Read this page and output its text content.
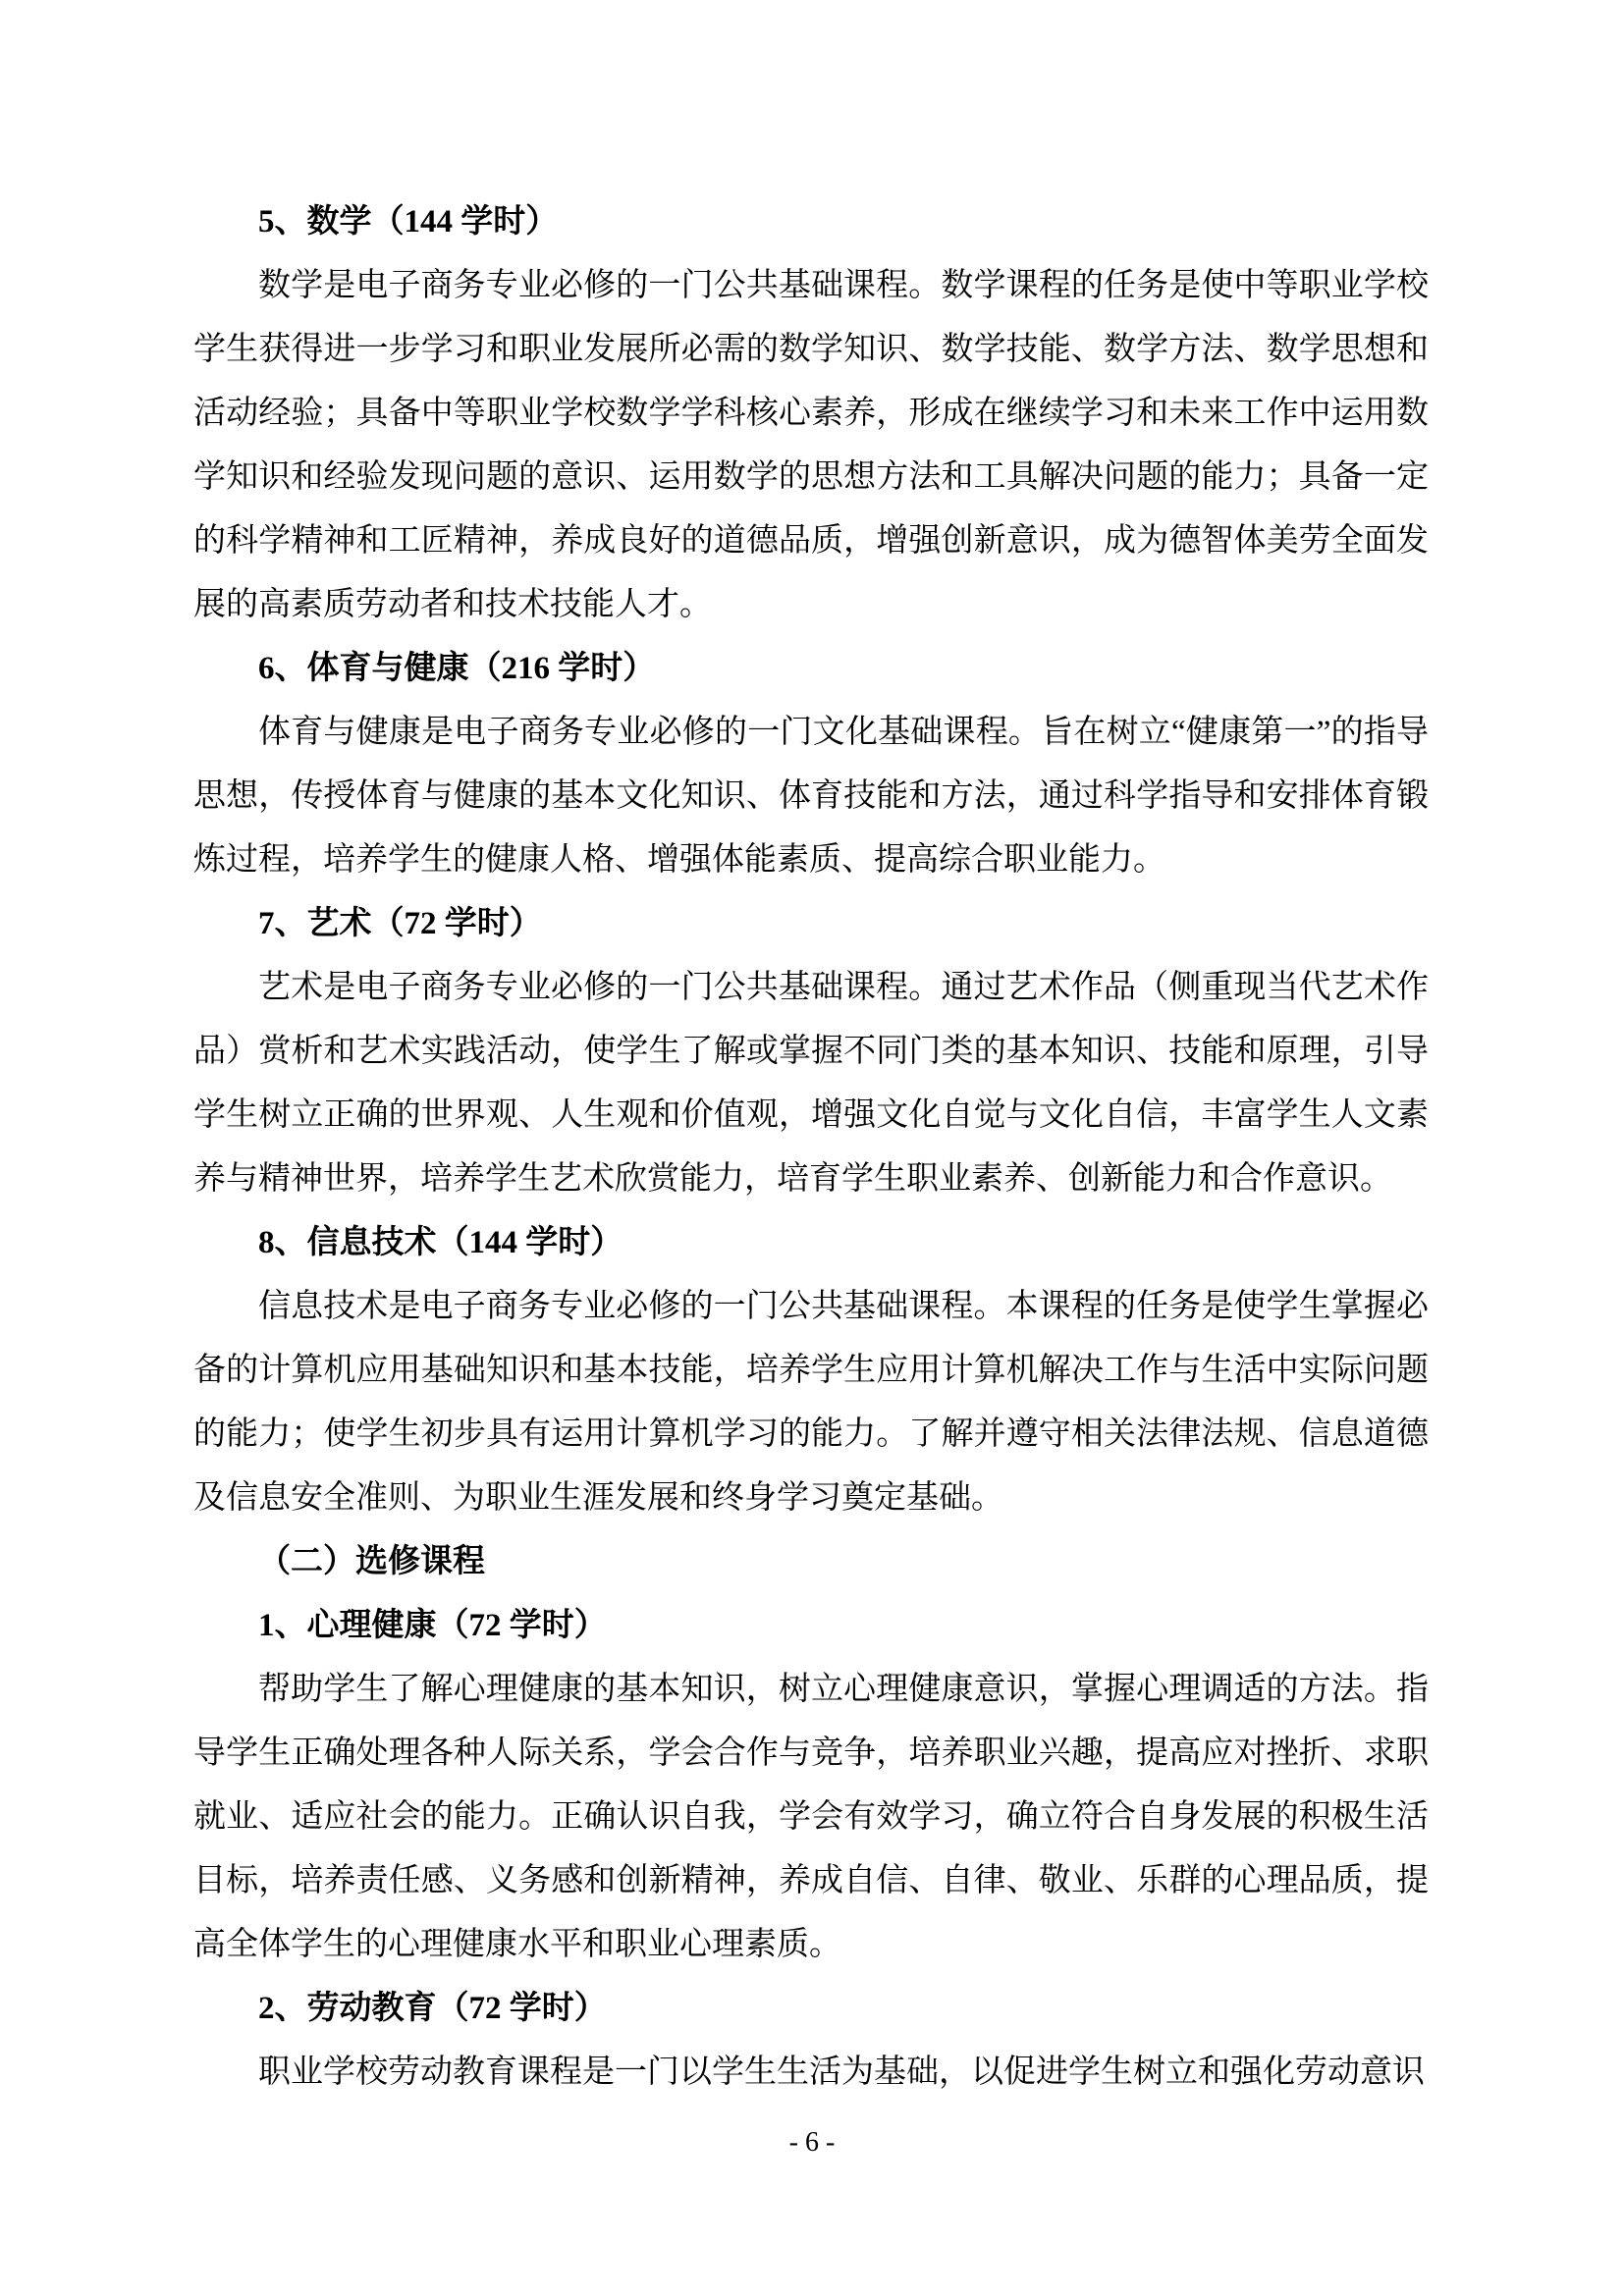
5、数学（144 学时）

数学是电子商务专业必修的一门公共基础课程。数学课程的任务是使中等职业学校学生获得进一步学习和职业发展所必需的数学知识、数学技能、数学方法、数学思想和活动经验；具备中等职业学校数学学科核心素养，形成在继续学习和未来工作中运用数学知识和经验发现问题的意识、运用数学的思想方法和工具解决问题的能力；具备一定的科学精神和工匠精神，养成良好的道德品质，增强创新意识，成为德智体美劳全面发展的高素质劳动者和技术技能人才。

6、体育与健康（216 学时）

体育与健康是电子商务专业必修的一门文化基础课程。旨在树立“健康第一”的指导思想，传授体育与健康的基本文化知识、体育技能和方法，通过科学指导和安排体育锻炼过程，培养学生的健康人格、增强体能素质、提高综合职业能力。

7、艺术（72 学时）

艺术是电子商务专业必修的一门公共基础课程。通过艺术作品（侧重现当代艺术作品）赏析和艺术实践活动，使学生了解或掌握不同门类的基本知识、技能和原理，引导学生树立正确的世界观、人生观和价值观，增强文化自觉与文化自信，丰富学生人文素养与精神世界，培养学生艺术欣赏能力，培育学生职业素养、创新能力和合作意识。

8、信息技术（144 学时）

信息技术是电子商务专业必修的一门公共基础课程。本课程的任务是使学生掌握必备的计算机应用基础知识和基本技能，培养学生应用计算机解决工作与生活中实际问题的能力；使学生初步具有运用计算机学习的能力。了解并遵守相关法律法规、信息道德及信息安全准则、为职业生涯发展和终身学习奠定基础。

（二）选修课程
1、心理健康（72 学时）

帮助学生了解心理健康的基本知识，树立心理健康意识，掌握心理调适的方法。指导学生正确处理各种人际关系，学会合作与竞争，培养职业兴趣，提高应对挫折、求职就业、适应社会的能力。正确认识自我，学会有效学习，确立符合自身发展的积极生活目标，培养责任感、义务感和创新精神，养成自信、自律、敬业、乐群的心理品质，提高全体学生的心理健康水平和职业心理素质。

2、劳动教育（72 学时）

职业学校劳动教育课程是一门以学生生活为基础，以促进学生树立和强化劳动意识

- 6 -
